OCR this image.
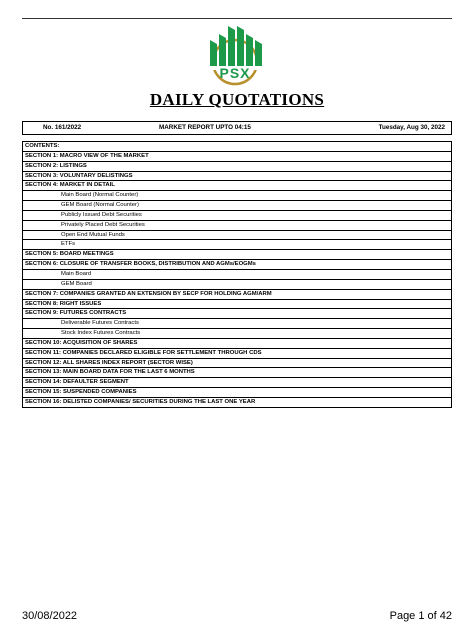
PSX
DAILY QUOTATIONS
No. 161/2022	MARKET REPORT UPTO 04:15	Tuesday, Aug 30, 2022
CONTENTS:
SECTION 1: MACRO VIEW OF THE MARKET
SECTION 2: LISTINGS
SECTION 3: VOLUNTARY DELISTINGS
SECTION 4: MARKET IN DETAIL
Main Board (Normal Counter)
GEM Board (Normal Counter)
Publicly Issued Debt Securities
Privately Placed Debt Securities
Open End Mutual Funds
ETFs
SECTION 5: BOARD MEETINGS
SECTION 6: CLOSURE OF TRANSFER BOOKS, DISTRIBUTION AND AGMs/EOGMs
Main Board
GEM Board
SECTION 7: COMPANIES GRANTED AN EXTENSION BY SECP FOR HOLDING AGM/ARM
SECTION 8: RIGHT ISSUES
SECTION 9: FUTURES CONTRACTS
Deliverable Futures Contracts
Stock Index Futures Contracts
SECTION 10: ACQUISITION OF SHARES
SECTION 11: COMPANIES DECLARED ELIGIBLE FOR SETTLEMENT THROUGH CDS
SECTION 12: ALL SHARES INDEX REPORT (SECTOR WISE)
SECTION 13: MAIN BOARD DATA FOR THE LAST 6 MONTHS
SECTION 14: DEFAULTER SEGMENT
SECTION 15: SUSPENDED COMPANIES
SECTION 16: DELISTED COMPANIES/ SECURITIES DURING THE LAST ONE YEAR
30/08/2022	Page 1 of 42
